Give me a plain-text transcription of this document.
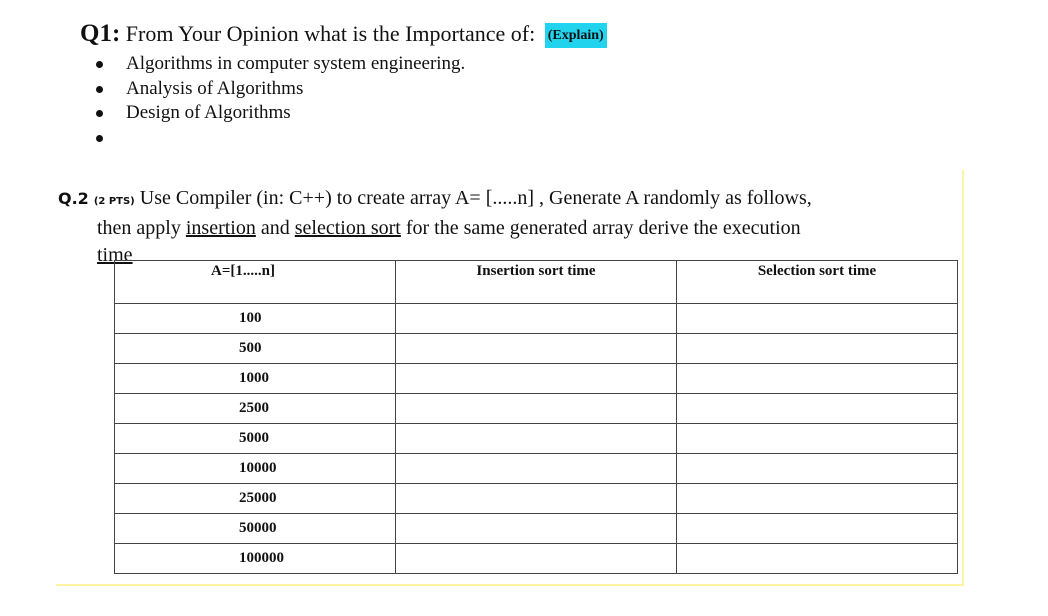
Q1: From Your Opinion what is the Importance of: (Explain)
Algorithms in computer system engineering.
Analysis of Algorithms
Design of Algorithms
Q.2 (2 PTS) Use Compiler (in: C++) to create array A= [.....n] , Generate A randomly as follows,
then apply insertion and selection sort for the same generated array derive the execution
time
A=[1.....n]	Insertion sort time	Selection sort time
100		
500		
1000		
2500		
5000		
10000		
25000		
50000		
100000		
